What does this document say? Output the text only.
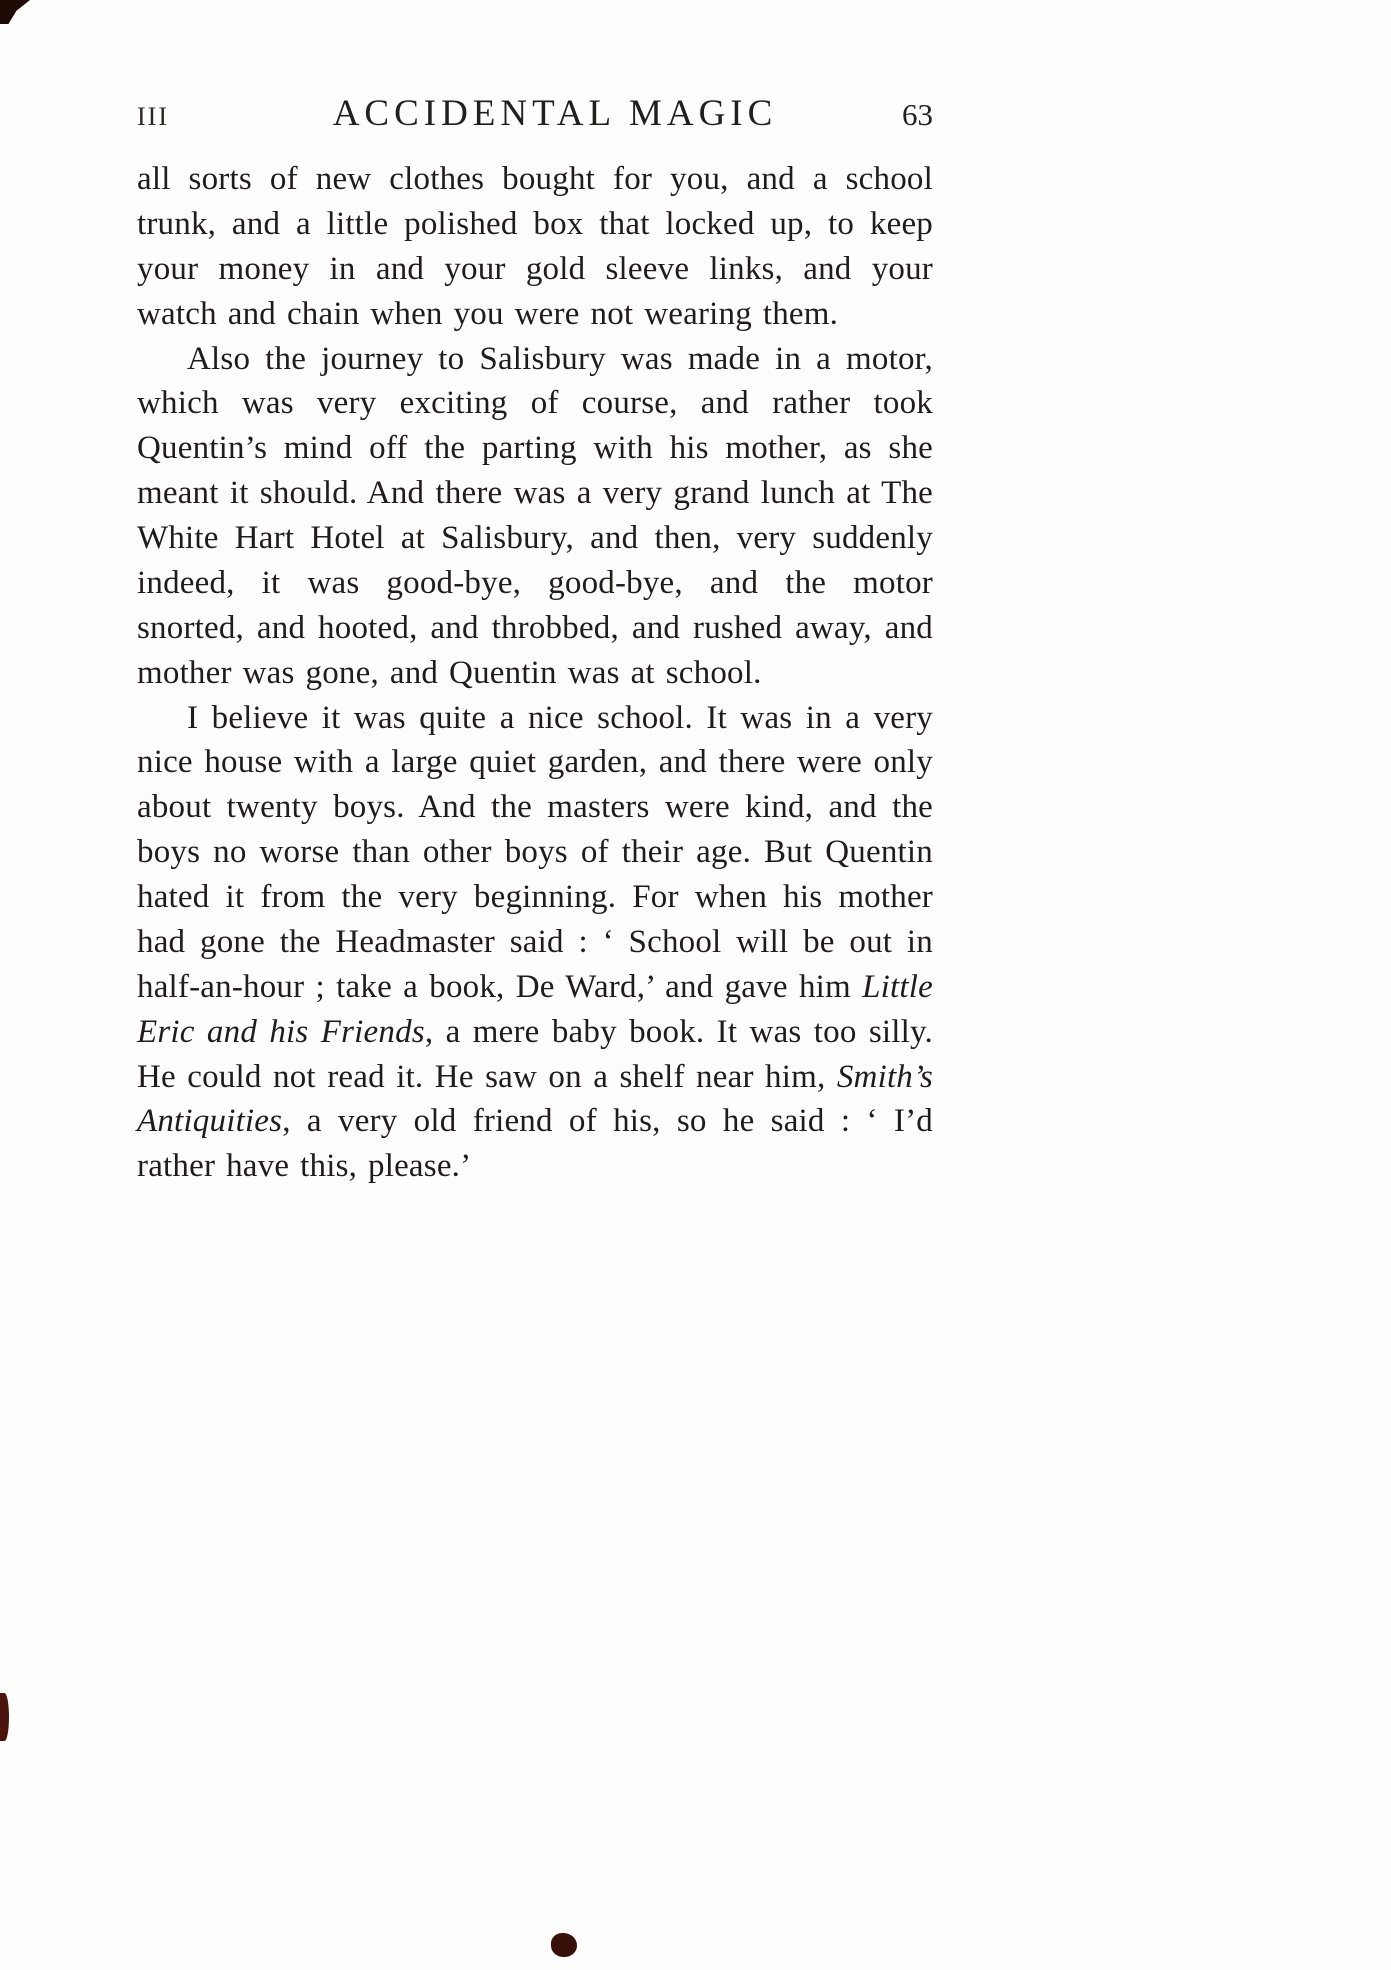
III	ACCIDENTAL MAGIC	63

all sorts of new clothes bought for you, and a school trunk, and a little polished box that locked up, to keep your money in and your gold sleeve links, and your watch and chain when you were not wearing them.

Also the journey to Salisbury was made in a motor, which was very exciting of course, and rather took Quentin’s mind off the parting with his mother, as she meant it should. And there was a very grand lunch at The White Hart Hotel at Salisbury, and then, very suddenly indeed, it was good-bye, good-bye, and the motor snorted, and hooted, and throbbed, and rushed away, and mother was gone, and Quentin was at school.

I believe it was quite a nice school. It was in a very nice house with a large quiet garden, and there were only about twenty boys. And the masters were kind, and the boys no worse than other boys of their age. But Quentin hated it from the very beginning. For when his mother had gone the Headmaster said : ‘ School will be out in half-an-hour ; take a book, De Ward,’ and gave him Little Eric and his Friends, a mere baby book. It was too silly. He could not read it. He saw on a shelf near him, Smith’s Antiquities, a very old friend of his, so he said : ‘ I’d rather have this, please.’
